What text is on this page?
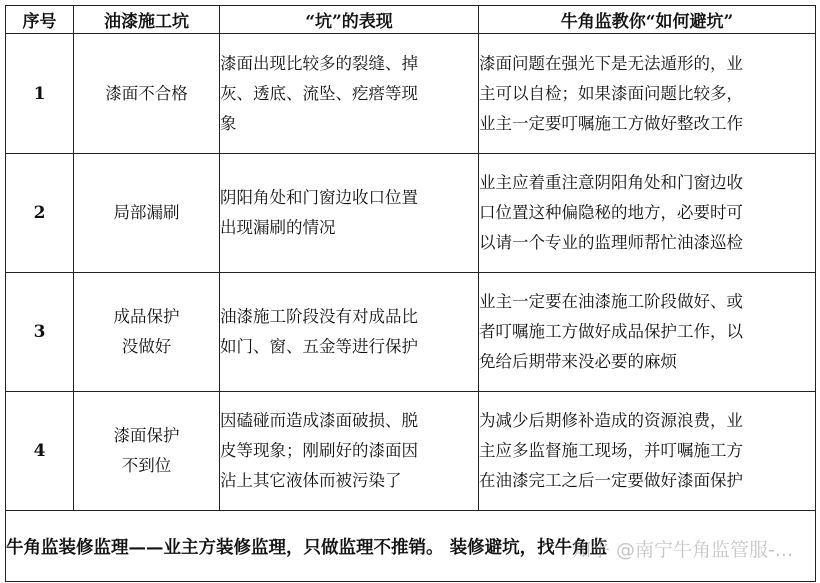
序号	油漆施工坑	“坑”的表现	牛角监教你“如何避坑”
1	漆面不合格	漆面出现比较多的裂缝、掉
灰、透底、流坠、疙瘩等现
象	漆面问题在强光下是无法遁形的，业
主可以自检；如果漆面问题比较多，
业主一定要叮嘱施工方做好整改工作

2	局部漏刷	阴阳角处和门窗边收口位置
出现漏刷的情况	业主应着重注意阴阳角处和门窗边收
口位置这种偏隐秘的地方，必要时可
以请一个专业的监理师帮忙油漆巡检

3	成品保护
没做好	油漆施工阶段没有对成品比
如门、窗、五金等进行保护	业主一定要在油漆施工阶段做好、或
者叮嘱施工方做好成品保护工作，以
免给后期带来没必要的麻烦

4	漆面保护
不到位	因磕碰而造成漆面破损、脱
皮等现象；刚刷好的漆面因
沾上其它液体而被污染了	为减少后期修补造成的资源浪费，业
主应多监督施工现场，并叮嘱施工方
在油漆完工之后一定要做好漆面保护

牛角监装修监理——业主方装修监理，只做监理不推销。 装修避坑，找牛角监
知乎 @南宁牛角监管服-...			
